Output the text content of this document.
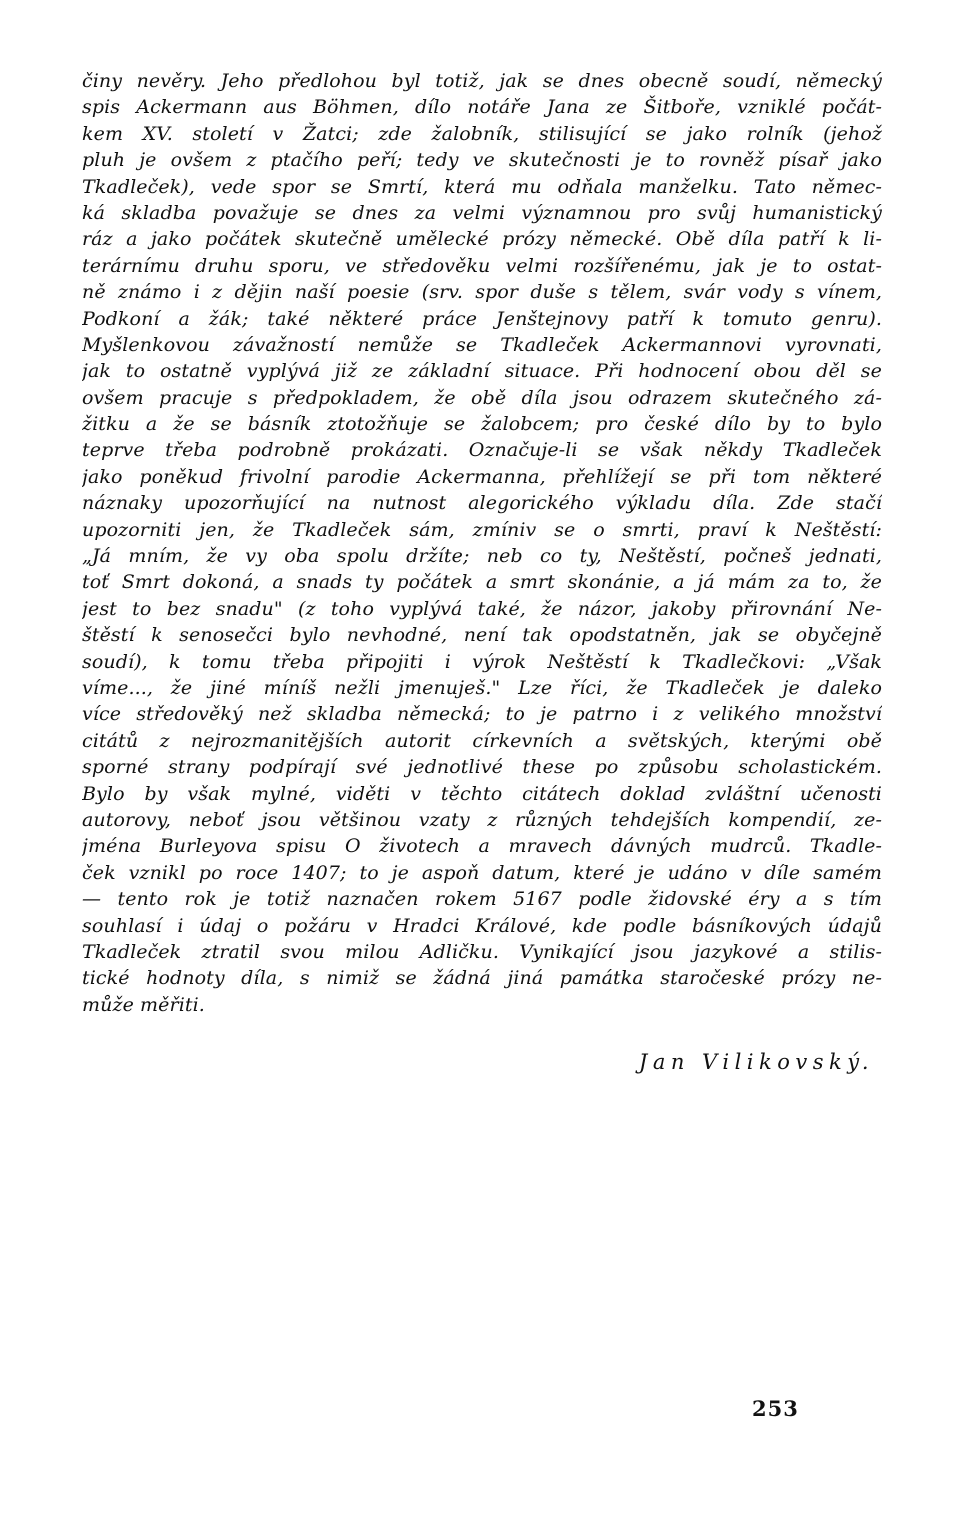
činy nevěry. Jeho předlohou byl totiž, jak se dnes obecně soudí, německý
spis Ackermann aus Böhmen, dílo notáře Jana ze Šitboře, vzniklé počát-
kem XV. století v Žatci; zde žalobník, stilisující se jako rolník (jehož
pluh je ovšem z ptačího peří; tedy ve skutečnosti je to rovněž písař jako
Tkadleček), vede spor se Smrtí, která mu odňala manželku. Tato němec-
ká skladba považuje se dnes za velmi významnou pro svůj humanistický
ráz a jako počátek skutečně umělecké prózy německé. Obě díla patří k li-
terárnímu druhu sporu, ve středověku velmi rozšířenému, jak je to ostat-
ně známo i z dějin naší poesie (srv. spor duše s tělem, svár vody s vínem,
Podkoní a žák; také některé práce Jenštejnovy patří k tomuto genru).
Myšlenkovou závažností nemůže se Tkadleček Ackermannovi vyrovnati,
jak to ostatně vyplývá již ze základní situace. Při hodnocení obou děl se
ovšem pracuje s předpokladem, že obě díla jsou odrazem skutečného zá-
žitku a že se básník ztotožňuje se žalobcem; pro české dílo by to bylo
teprve třeba podrobně prokázati. Označuje-li se však někdy Tkadleček
jako poněkud frivolní parodie Ackermanna, přehlížejí se při tom některé
náznaky upozorňující na nutnost alegorického výkladu díla. Zde stačí
upozorniti jen, že Tkadleček sám, zmíniv se o smrti, praví k Neštěstí:
„Já mním, že vy oba spolu držíte; neb co ty, Neštěstí, počneš jednati,
toť Smrt dokoná, a snads ty počátek a smrt skonánie, a já mám za to, že
jest to bez snadu" (z toho vyplývá také, že názor, jakoby přirovnání Ne-
štěstí k senosečci bylo nevhodné, není tak opodstatněn, jak se obyčejně
soudí), k tomu třeba připojiti i výrok Neštěstí k Tkadlečkovi: „Však
víme..., že jiné míníš nežli jmenuješ." Lze říci, že Tkadleček je daleko
více středověký než skladba německá; to je patrno i z velikého množství
citátů z nejrozmanitějších autorit církevních a světských, kterými obě
sporné strany podpírají své jednotlivé these po způsobu scholastickém.
Bylo by však mylné, viděti v těchto citátech doklad zvláštní učenosti
autorovy, neboť jsou většinou vzaty z různých tehdejších kompendií, ze-
jména Burleyova spisu O životech a mravech dávných mudrců. Tkadle-
ček vznikl po roce 1407; to je aspoň datum, které je udáno v díle samém
— tento rok je totiž naznačen rokem 5167 podle židovské éry a s tím
souhlasí i údaj o požáru v Hradci Králové, kde podle básníkových údajů
Tkadleček ztratil svou milou Adličku. Vynikající jsou jazykové a stilis-
tické hodnoty díla, s nimiž se žádná jiná památka staročeské prózy ne-
může měřiti.
Jan Vilikovský.
253
